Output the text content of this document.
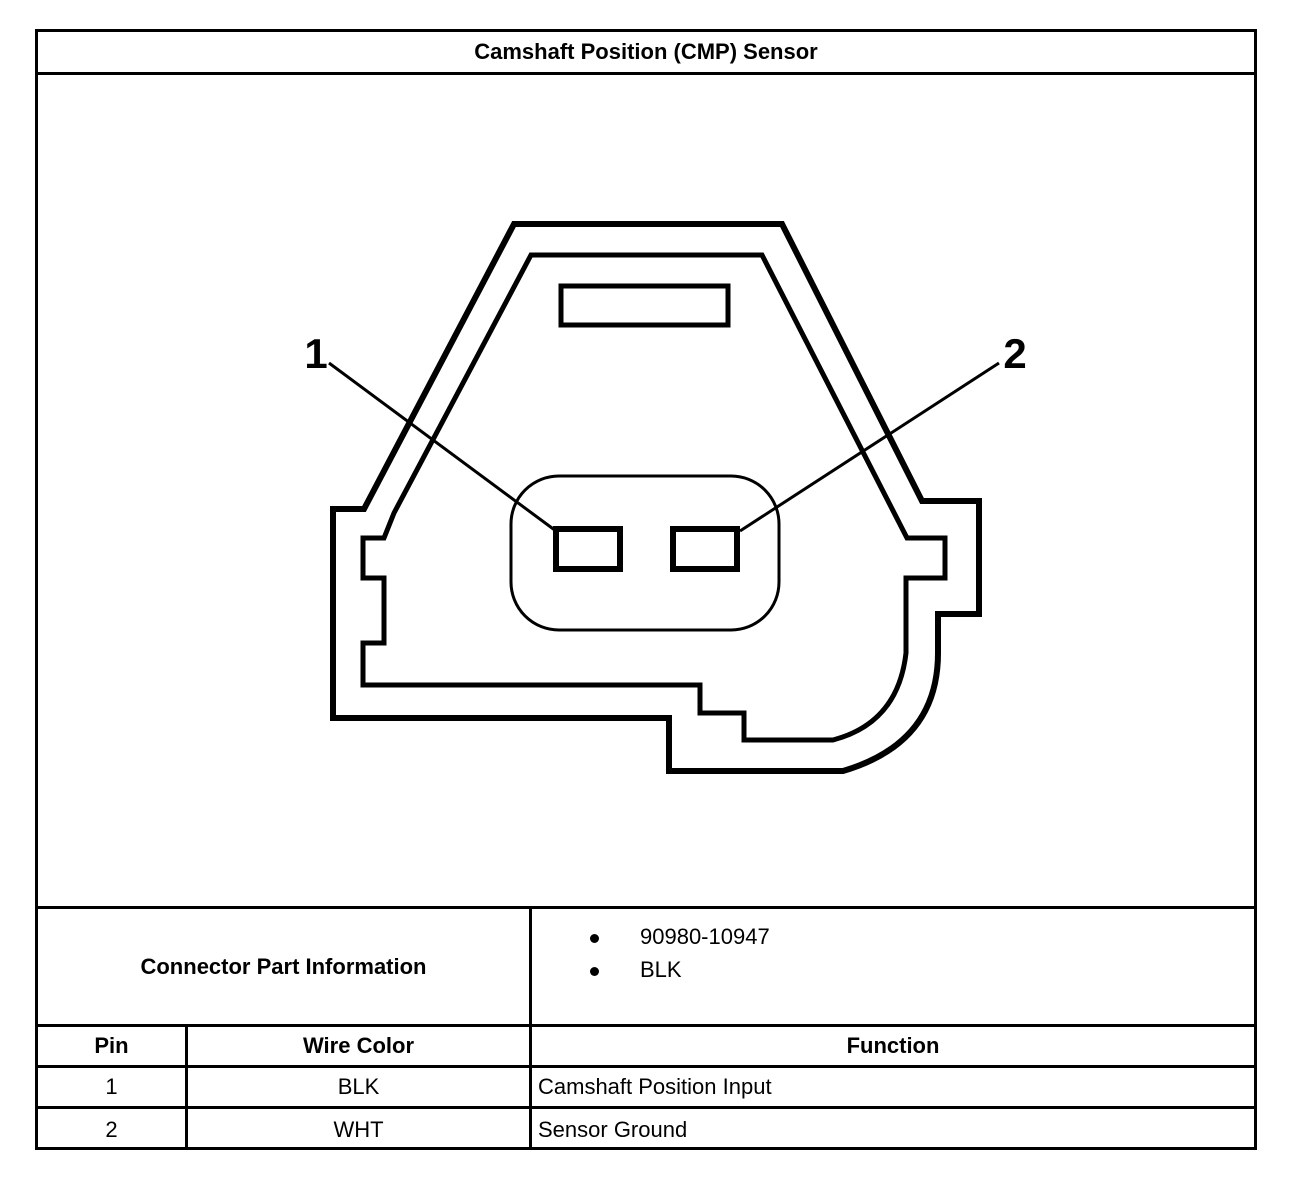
Camshaft Position (CMP) Sensor
1	2
Connector Part Information
90980-10947
BLK
Pin	Wire Color	Function
1	BLK	Camshaft Position Input
2	WHT	Sensor Ground
